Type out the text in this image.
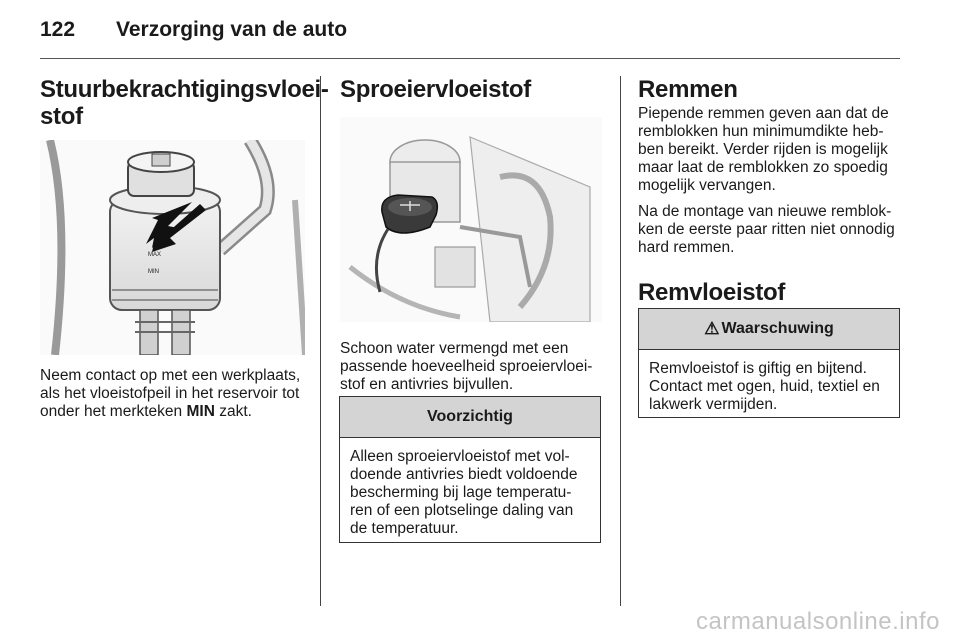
122 Verzorging van de auto
Stuurbekrachtigingsvloei-
stof
MAX
MIN

Neem contact op met een werkplaats, als het vloeistofpeil in het reservoir tot onder het merkteken MIN zakt.

Sproeiervloeistof

Schoon water vermengd met een passende hoeveelheid sproeiervloei-stof en antivries bijvullen.

Voorzichtig
Alleen sproeiervloeistof met vol-doende antivries biedt voldoende bescherming bij lage temperatu-ren of een plotselinge daling van de temperatuur.
Remmen

Piepende remmen geven aan dat de remblokken hun minimumdikte heb-ben bereikt. Verder rijden is mogelijk maar laat de remblokken zo spoedig mogelijk vervangen.

Na de montage van nieuwe remblok-ken de eerste paar ritten niet onnodig hard remmen.

Remvloeistof
⚠ Waarschuwing
Remvloeistof is giftig en bijtend. Contact met ogen, huid, textiel en lakwerk vermijden.
carmanualsonline.info
